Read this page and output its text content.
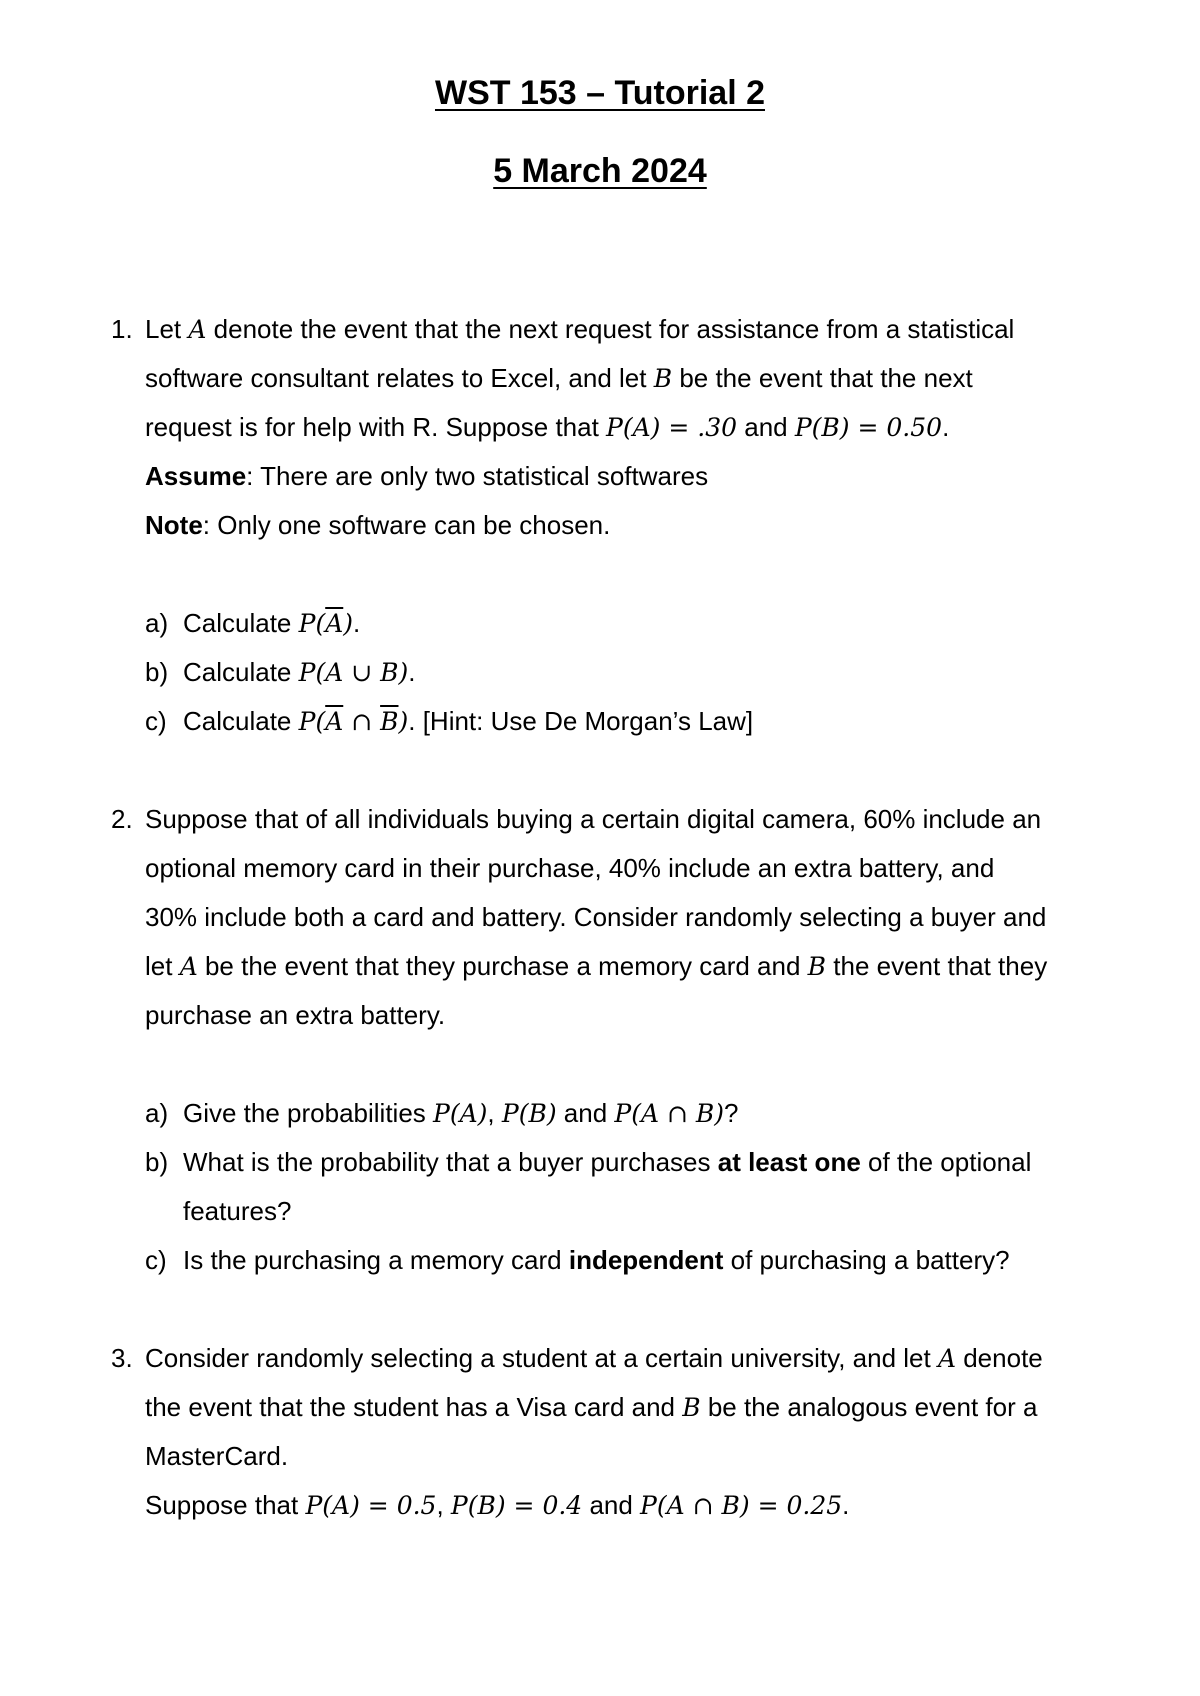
WST 153 – Tutorial 2
5 March 2024
1. Let A denote the event that the next request for assistance from a statistical
software consultant relates to Excel, and let B be the event that the next
request is for help with R. Suppose that P(A) = .30 and P(B) = 0.50.
Assume: There are only two statistical softwares
Note: Only one software can be chosen.
a) Calculate $P(\overline{A})$.
b) Calculate P(A ∪ B).
c) Calculate $P(\overline{A}$ ∩ $\overline{B}$). [Hint: Use De Morgan’s Law]
2. Suppose that of all individuals buying a certain digital camera, 60% include an
optional memory card in their purchase, 40% include an extra battery, and
30% include both a card and battery. Consider randomly selecting a buyer and
let A be the event that they purchase a memory card and B the event that they
purchase an extra battery.
a) Give the probabilities P(A), P(B) and P(A ∩ B)?
b) What is the probability that a buyer purchases at least one of the optional
features?
c) Is the purchasing a memory card independent of purchasing a battery?
3. Consider randomly selecting a student at a certain university, and let A denote
the event that the student has a Visa card and B be the analogous event for a
MasterCard.
Suppose that P(A) = 0.5, P(B) = 0.4 and P(A ∩ B) = 0.25.
